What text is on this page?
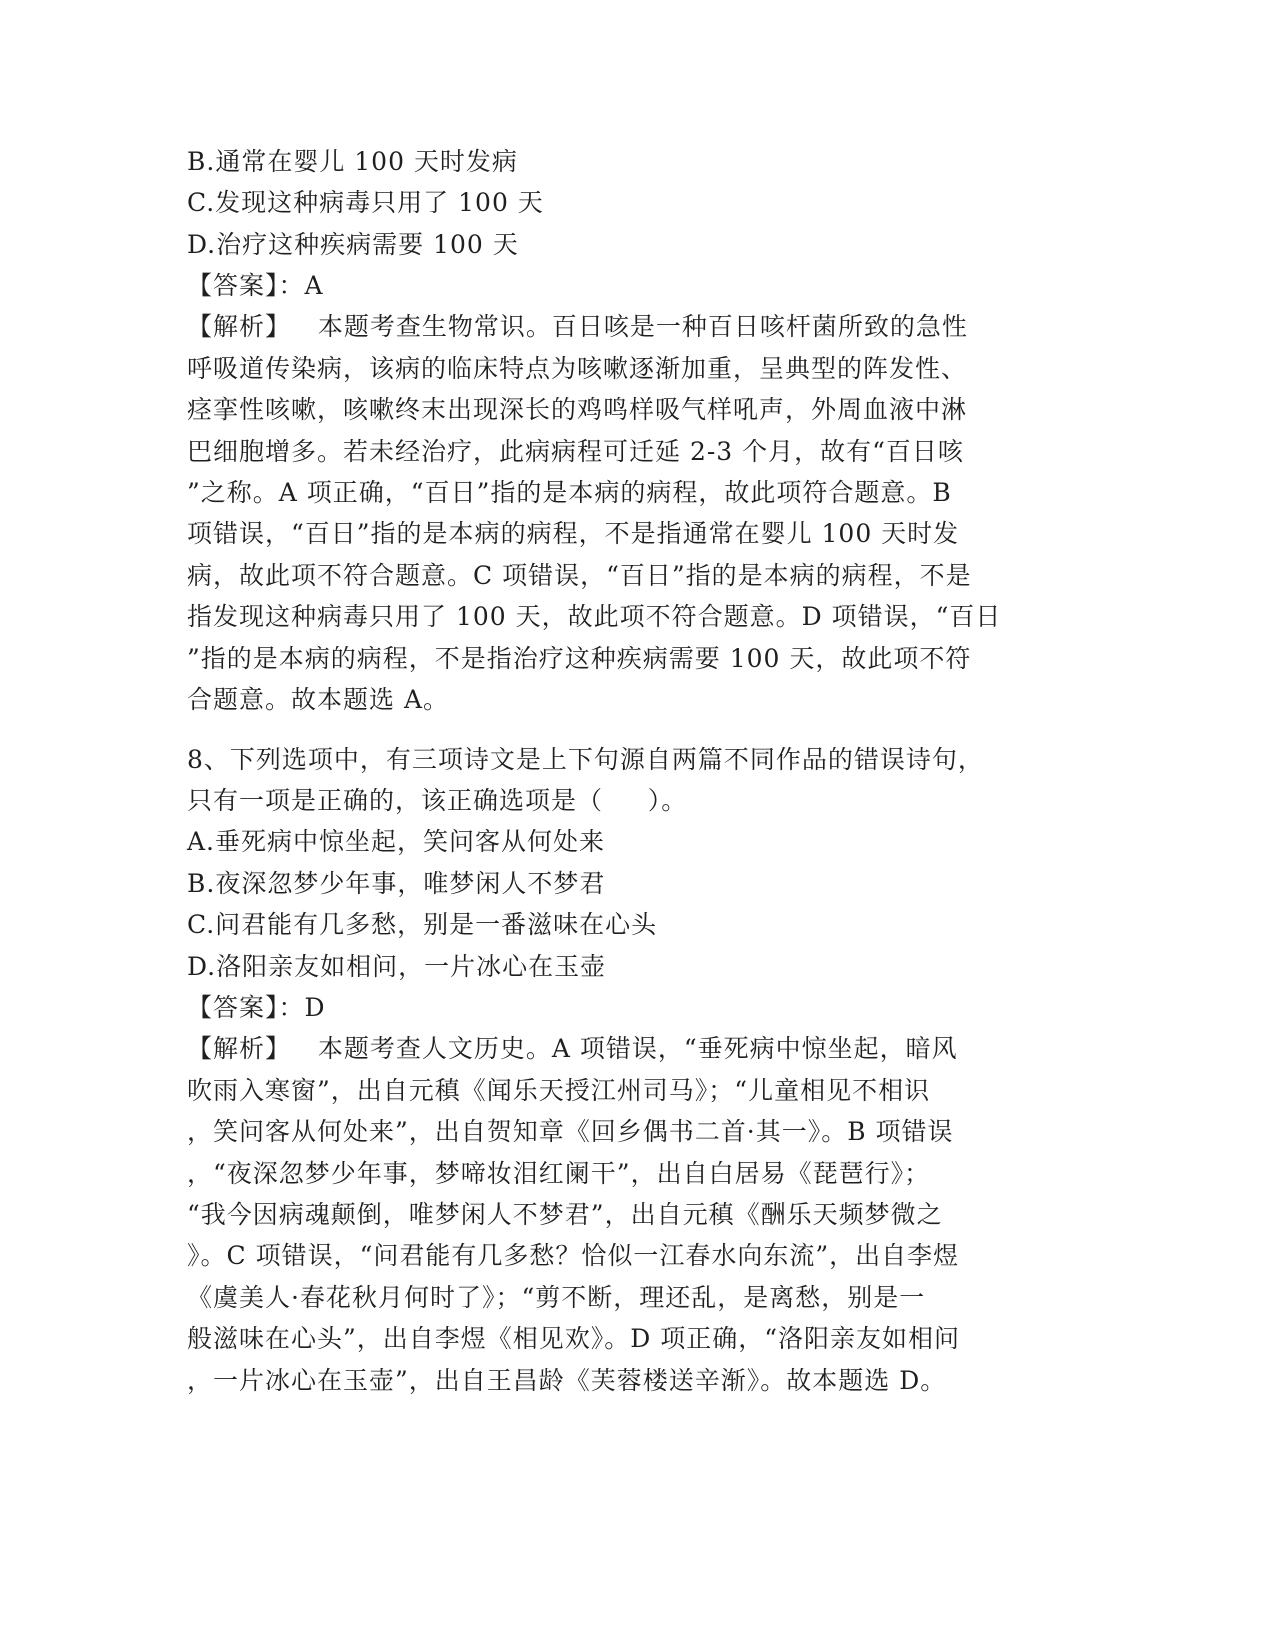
B.通常在婴儿 100 天时发病
C.发现这种病毒只用了 100 天
D.治疗这种疾病需要 100 天
【答案】：A
【解析】   本题考查生物常识。百日咳是一种百日咳杆菌所致的急性
呼吸道传染病，该病的临床特点为咳嗽逐渐加重，呈典型的阵发性、
痉挛性咳嗽，咳嗽终末出现深长的鸡鸣样吸气样吼声，外周血液中淋
巴细胞增多。若未经治疗，此病病程可迁延 2-3 个月，故有“百日咳
”之称。A 项正确，“百日”指的是本病的病程，故此项符合题意。B
项错误，“百日”指的是本病的病程，不是指通常在婴儿 100 天时发
病，故此项不符合题意。C 项错误，“百日”指的是本病的病程，不是
指发现这种病毒只用了 100 天，故此项不符合题意。D 项错误，“百日
”指的是本病的病程，不是指治疗这种疾病需要 100 天，故此项不符
合题意。故本题选 A。
8、下列选项中，有三项诗文是上下句源自两篇不同作品的错误诗句，
只有一项是正确的，该正确选项是（     ）。
A.垂死病中惊坐起，笑问客从何处来
B.夜深忽梦少年事，唯梦闲人不梦君
C.问君能有几多愁，别是一番滋味在心头
D.洛阳亲友如相问，一片冰心在玉壶
【答案】：D
【解析】   本题考查人文历史。A 项错误，“垂死病中惊坐起，暗风
吹雨入寒窗”，出自元稹《闻乐天授江州司马》；“儿童相见不相识
，笑问客从何处来”，出自贺知章《回乡偶书二首·其一》。B 项错误
，“夜深忽梦少年事，梦啼妆泪红阑干”，出自白居易《琵琶行》；
“我今因病魂颠倒，唯梦闲人不梦君”，出自元稹《酬乐天频梦微之
》。C 项错误，“问君能有几多愁？恰似一江春水向东流”，出自李煜
《虞美人·春花秋月何时了》；“剪不断，理还乱，是离愁，别是一
般滋味在心头”，出自李煜《相见欢》。D 项正确，“洛阳亲友如相问
，一片冰心在玉壶”，出自王昌龄《芙蓉楼送辛渐》。故本题选 D。
